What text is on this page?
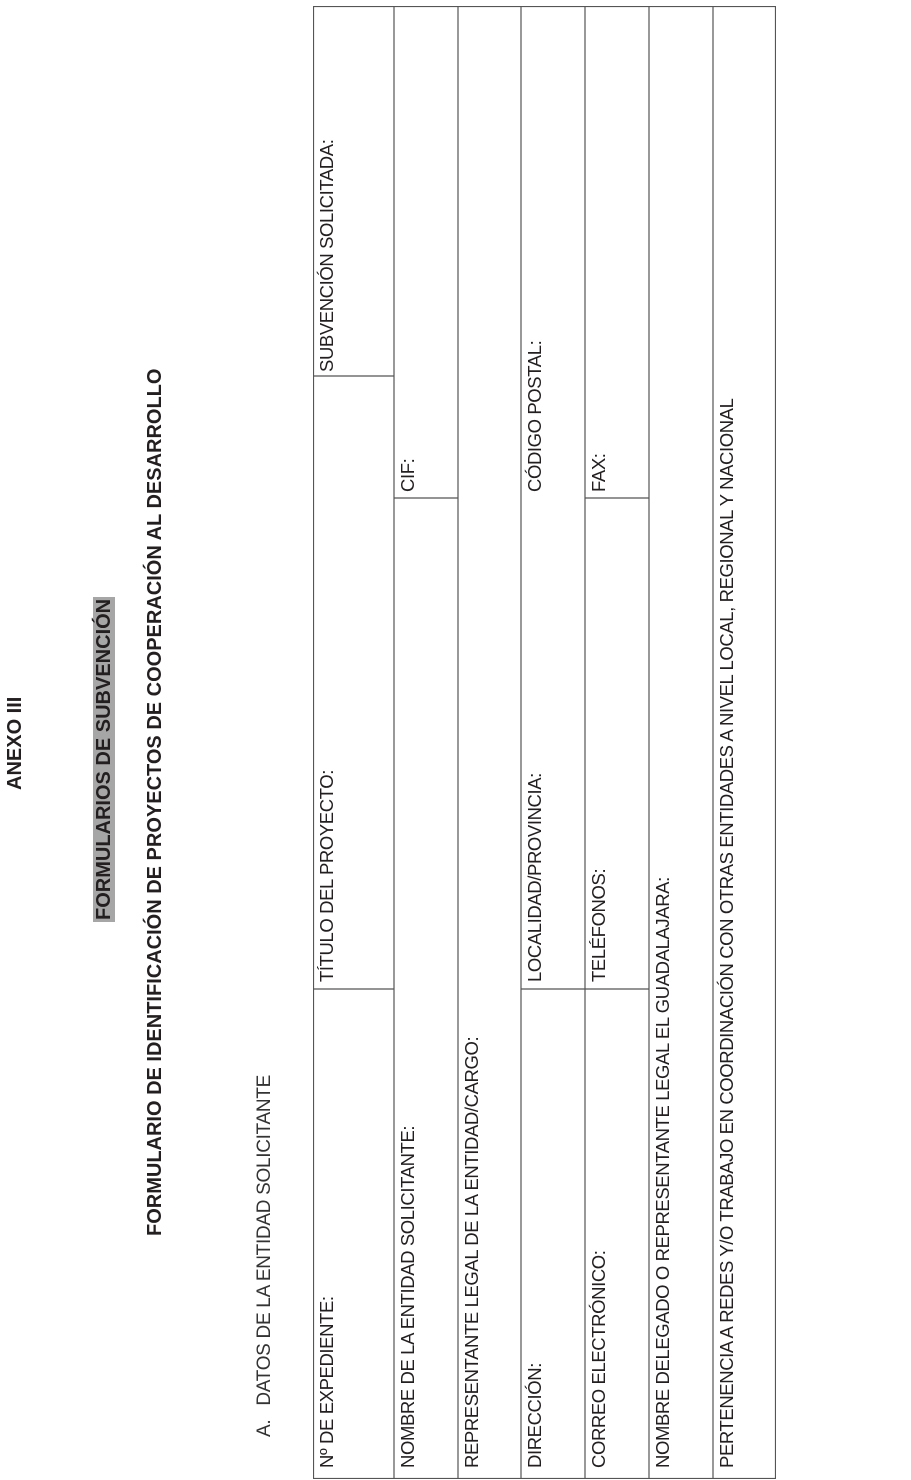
ANEXO III	FORMULARIOS DE SUBVENCIÓN FORMULARIO DE IDENTIFICACIÓN DE PROYECTOS DE COOPERACIÓN AL DESARROLLO
A.DATOS DE LA ENTIDAD SOLICITANTE Nº DE EXPEDIENTE:
TÍTULO DEL PROYECTO:
SUBVENCIÓN SOLICITADA:
NOMBRE DE LA ENTIDAD SOLICITANTE:
CIF:
REPRESENTANTE LEGAL DE LA ENTIDAD/CARGO: DIRECCIÓN:
LOCALIDAD/PROVINCIA:
CÓDIGO POSTAL:
CORREO ELECTRÓNICO:
TELÉFONOS:
FAX:
NOMBRE DELEGADO O REPRESENTANTE LEGAL EL GUADALAJARA: PERTENENCIA A REDES Y/O TRABAJO EN COORDINACIÓN CON OTRAS ENTIDADES A NIVEL LOCAL, REGIONAL Y NACIONAL
